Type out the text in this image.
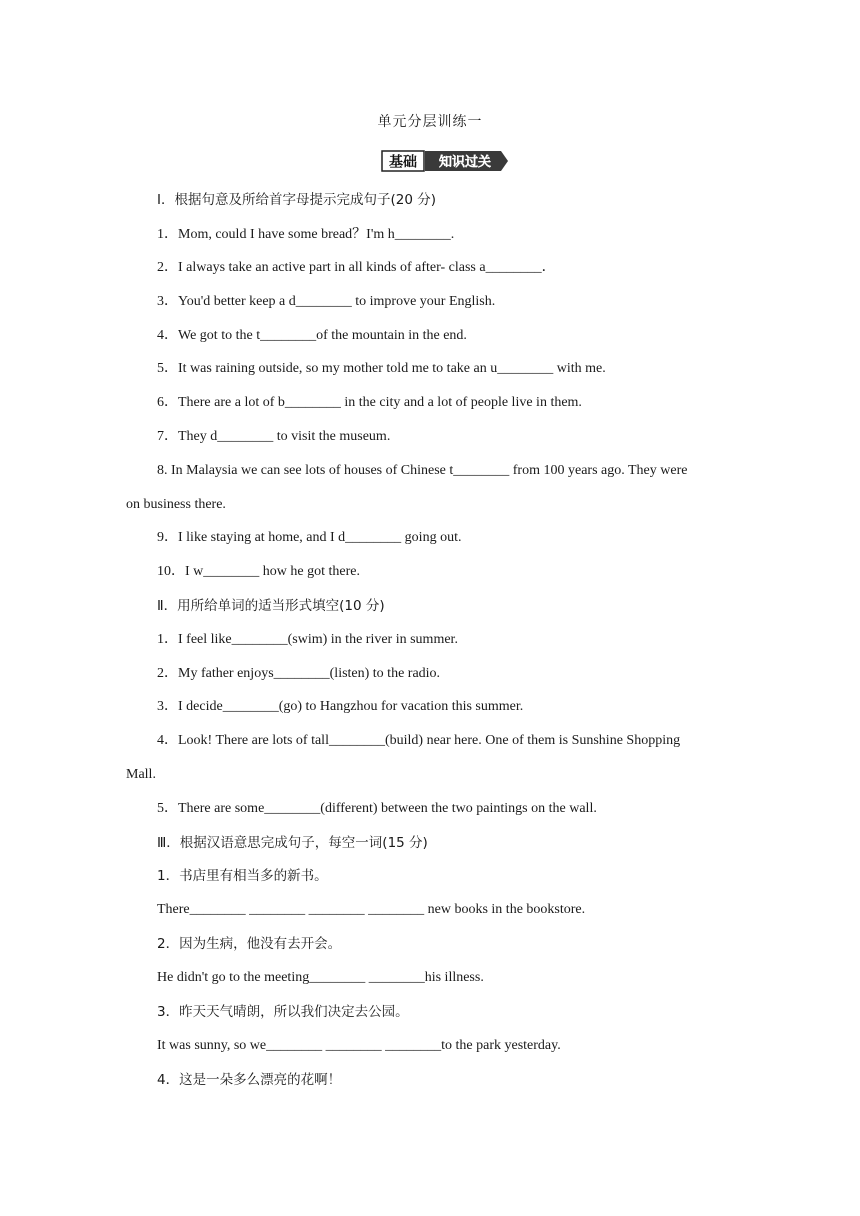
单元分层训练一
基础 知识过关
Ⅰ．根据句意及所给首字母提示完成句子(20 分)
1．Mom, could I have some bread？I'm h________.
2．I always take an active part in all kinds of after- class a________．
3．You'd better keep a d________ to improve your English.
4．We got to the t________of the mountain in the end.
5．It was raining outside, so my mother told me to take an u________ with me.
6．There are a lot of b________ in the city and a lot of people live in them.
7．They d________ to visit the museum.
8. In Malaysia we can see lots of houses of Chinese t________ from 100 years ago. They were
on business there.
9．I like staying at home, and I d________ going out.
10．I w________ how he got there.
Ⅱ．用所给单词的适当形式填空(10 分)
1．I feel like________(swim) in the river in summer.
2．My father enjoys________(listen) to the radio.
3．I decide________(go) to Hangzhou for vacation this summer.
4．Look! There are lots of tall________(build) near here. One of them is Sunshine Shopping
Mall.
5．There are some________(different) between the two paintings on the wall.
Ⅲ．根据汉语意思完成句子，每空一词(15 分)
1．书店里有相当多的新书。
There________ ________ ________ ________ new books in the bookstore.
2．因为生病，他没有去开会。
He didn't go to the meeting________ ________his illness.
3．昨天天气晴朗，所以我们决定去公园。
It was sunny, so we________ ________ ________to the park yesterday.
4．这是一朵多么漂亮的花啊！
